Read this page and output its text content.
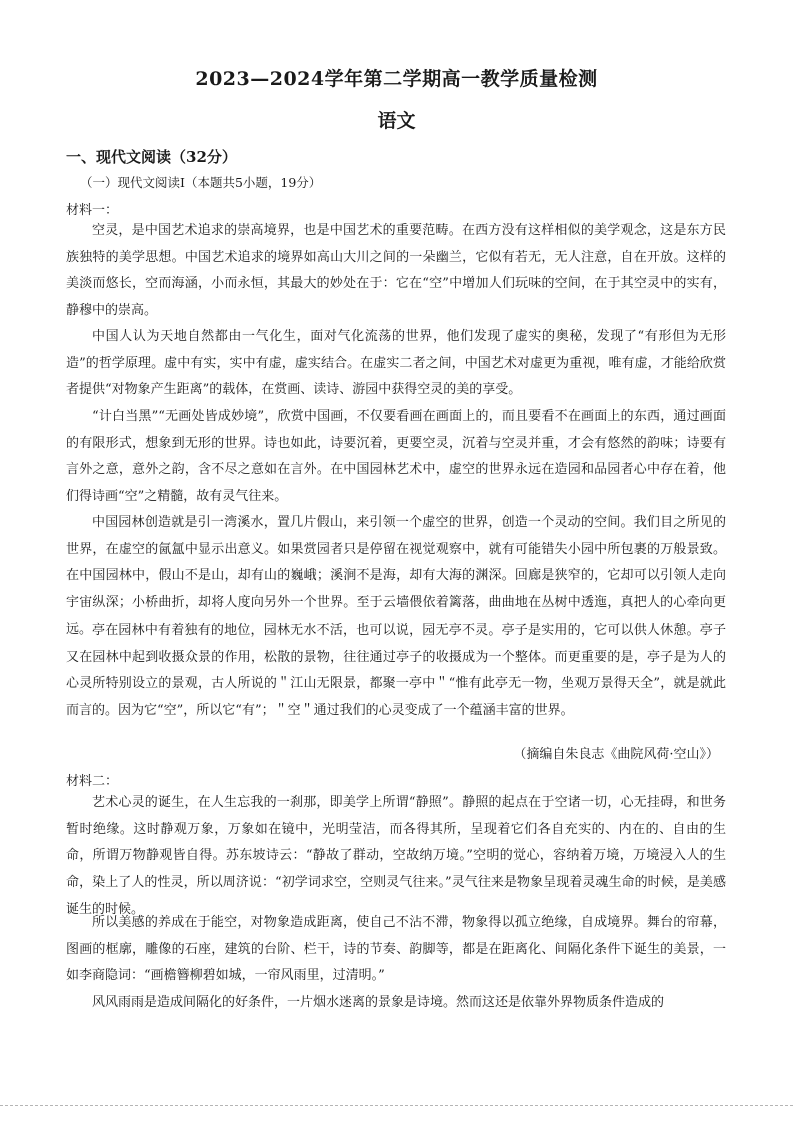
2023—2024学年第二学期高一教学质量检测
语文
一、现代文阅读（32分）
（一）现代文阅读Ⅰ（本题共5小题，19分）
材料一：

空灵，是中国艺术追求的崇高境界，也是中国艺术的重要范畴。在西方没有这样相似的美学观念，这是东方民族独特的美学思想。中国艺术追求的境界如高山大川之间的一朵幽兰，它似有若无，无人注意，自在开放。这样的美淡而悠长，空而海涵，小而永恒，其最大的妙处在于：它在“空”中增加人们玩味的空间，在于其空灵中的实有，静穆中的崇高。

中国人认为天地自然都由一气化生，面对气化流荡的世界，他们发现了虚实的奥秘，发现了“有形但为无形造”的哲学原理。虚中有实，实中有虚，虚实结合。在虚实二者之间，中国艺术对虚更为重视，唯有虚，才能给欣赏者提供“对物象产生距离”的载体，在赏画、读诗、游园中获得空灵的美的享受。

“计白当黑”“无画处皆成妙境”，欣赏中国画，不仅要看画在画面上的，而且要看不在画面上的东西，通过画面的有限形式，想象到无形的世界。诗也如此，诗要沉着，更要空灵，沉着与空灵并重，才会有悠然的韵味；诗要有言外之意，意外之韵，含不尽之意如在言外。在中国园林艺术中，虚空的世界永远在造园和品园者心中存在着，他们得诗画“空”之精髓，故有灵气往来。

中国园林创造就是引一湾溪水，置几片假山，来引领一个虚空的世界，创造一个灵动的空间。我们目之所见的世界，在虚空的氤氲中显示出意义。如果赏园者只是停留在视觉观察中，就有可能错失小园中所包裹的万般景致。在中国园林中，假山不是山，却有山的巍峨；溪涧不是海，却有大海的渊深。回廊是狭窄的，它却可以引领人走向宇宙纵深；小桥曲折，却将人度向另外一个世界。至于云墙偎依着篱落，曲曲地在丛树中透迤，真把人的心牵向更远。 亭在园林中有着独有的地位，园林无水不活，也可以说，园无亭不灵。亭子是实用的，它可以供人休憩。亭子又在园林中起到收摄众景的作用，松散的景物，往往通过亭子的收摄成为一个整体。而更重要的是，亭子是为人的心灵所特别设立的景观，古人所说的＂江山无限景，都聚一亭中＂“惟有此亭无一物，坐观万景得天全”，就是就此而言的。因为它“空”，所以它“有”；＂空＂通过我们的心灵变成了一个蕴涵丰富的世界。

（摘编自朱良志《曲院风荷·空山》）
材料二：

艺术心灵的诞生，在人生忘我的一刹那，即美学上所谓“静照”。静照的起点在于空诸一切，心无挂碍，和世务暂时绝缘。这时静观万象，万象如在镜中，光明莹洁，而各得其所，呈现着它们各自充实的、内在的、自由的生命，所谓万物静观皆自得。苏东坡诗云：“静故了群动，空故纳万境。”空明的觉心，容纳着万境，万境浸入人的生命，染上了人的性灵，所以周济说：“初学词求空，空则灵气往来。”灵气往来是物象呈现着灵魂生命的时候，是美感诞生的时候。

所以美感的养成在于能空，对物象造成距离，使自己不沾不滞，物象得以孤立绝缘，自成境界。舞台的帘幕，图画的框廓，雕像的石座，建筑的台阶、栏干，诗的节奏、韵脚等，都是在距离化、间隔化条件下诞生的美景，一如李商隐词：“画檐簪柳碧如城，一帘风雨里，过清明。”

风风雨雨是造成间隔化的好条件，一片烟水迷离的景象是诗境。然而这还是依靠外界物质条件造成的
